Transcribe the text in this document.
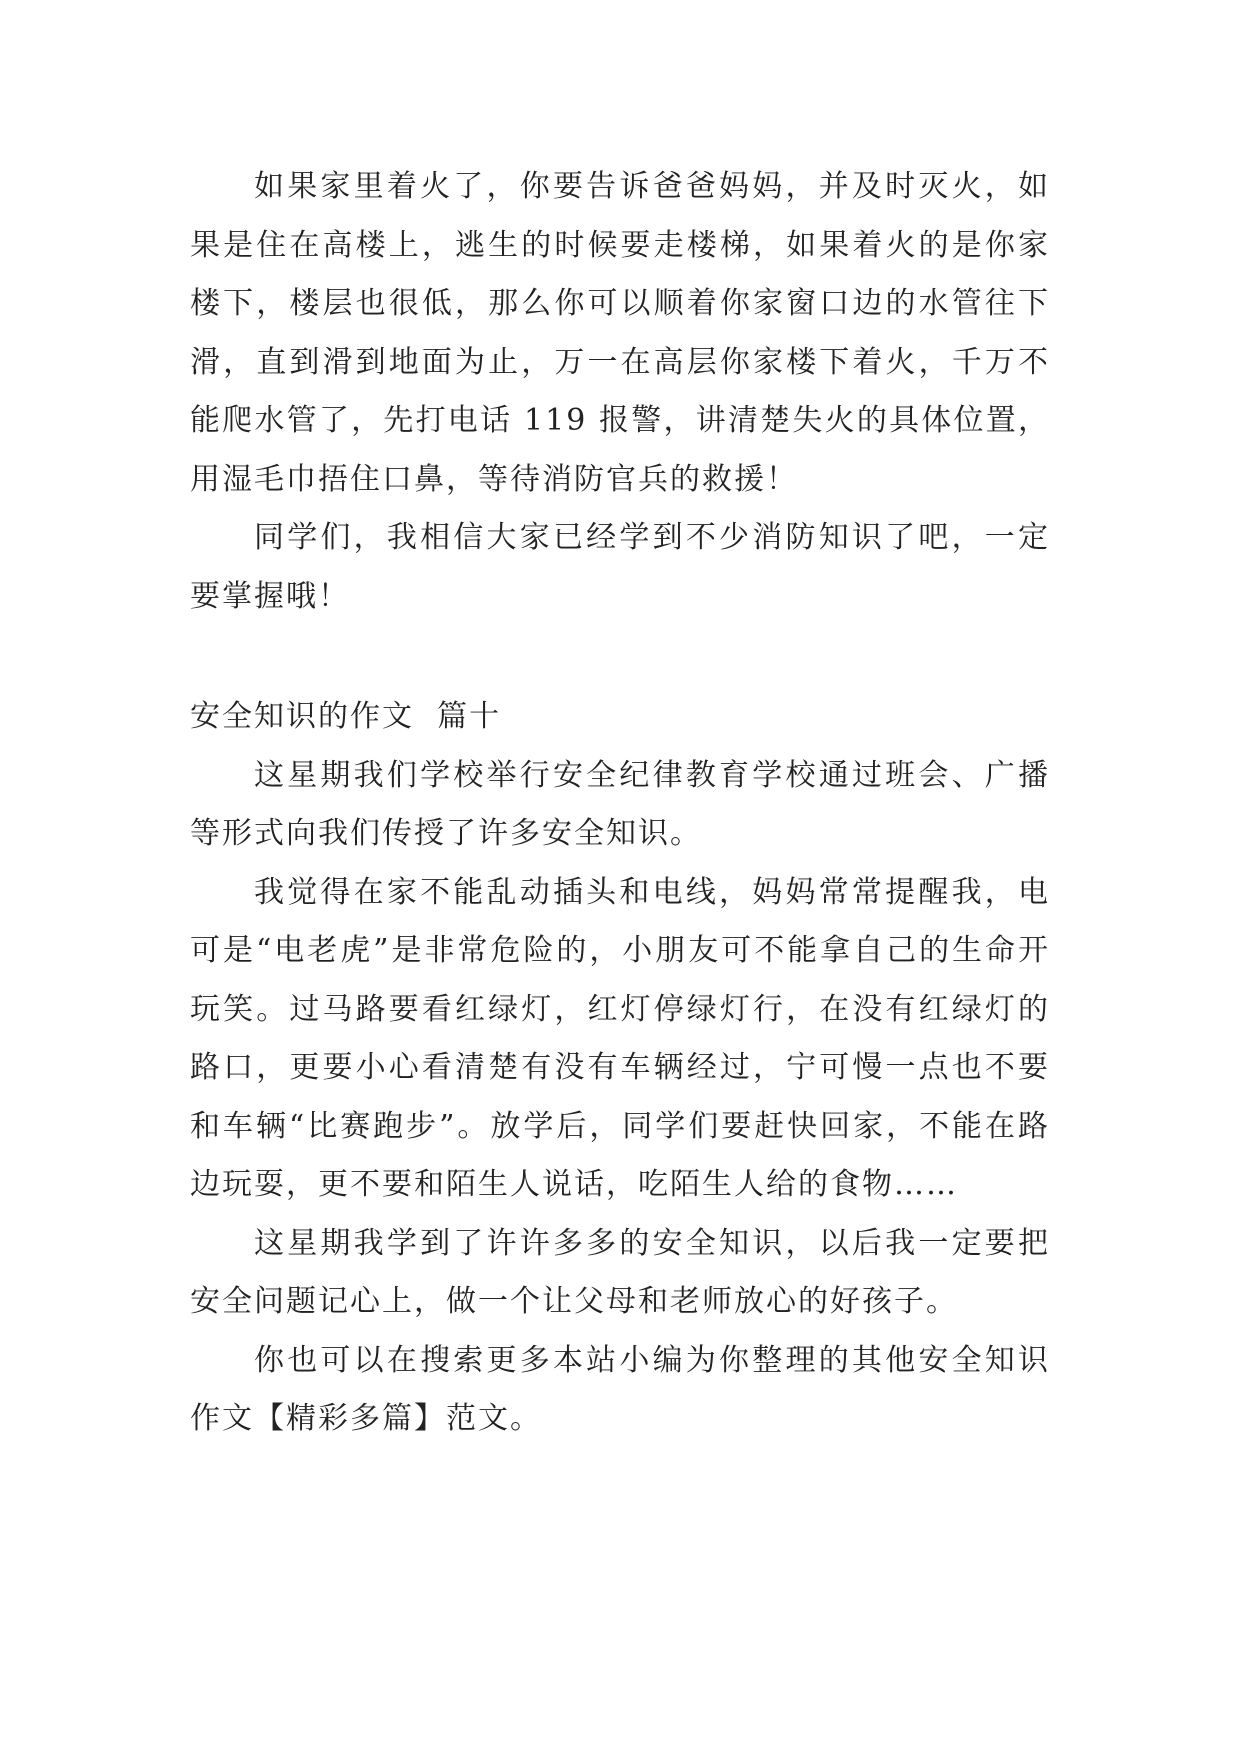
如果家里着火了，你要告诉爸爸妈妈，并及时灭火，如果是住在高楼上，逃生的时候要走楼梯，如果着火的是你家楼下，楼层也很低，那么你可以顺着你家窗口边的水管往下滑，直到滑到地面为止，万一在高层你家楼下着火，千万不能爬水管了，先打电话 119 报警，讲清楚失火的具体位置，用湿毛巾捂住口鼻，等待消防官兵的救援！

同学们，我相信大家已经学到不少消防知识了吧，一定要掌握哦！

安全知识的作文  篇十

这星期我们学校举行安全纪律教育学校通过班会、广播等形式向我们传授了许多安全知识。

我觉得在家不能乱动插头和电线，妈妈常常提醒我，电可是“电老虎”是非常危险的，小朋友可不能拿自己的生命开玩笑。过马路要看红绿灯，红灯停绿灯行，在没有红绿灯的路口，更要小心看清楚有没有车辆经过，宁可慢一点也不要和车辆“比赛跑步”。放学后，同学们要赶快回家，不能在路边玩耍，更不要和陌生人说话，吃陌生人给的食物……

这星期我学到了许许多多的安全知识，以后我一定要把安全问题记心上，做一个让父母和老师放心的好孩子。

你也可以在搜索更多本站小编为你整理的其他安全知识作文【精彩多篇】范文。
